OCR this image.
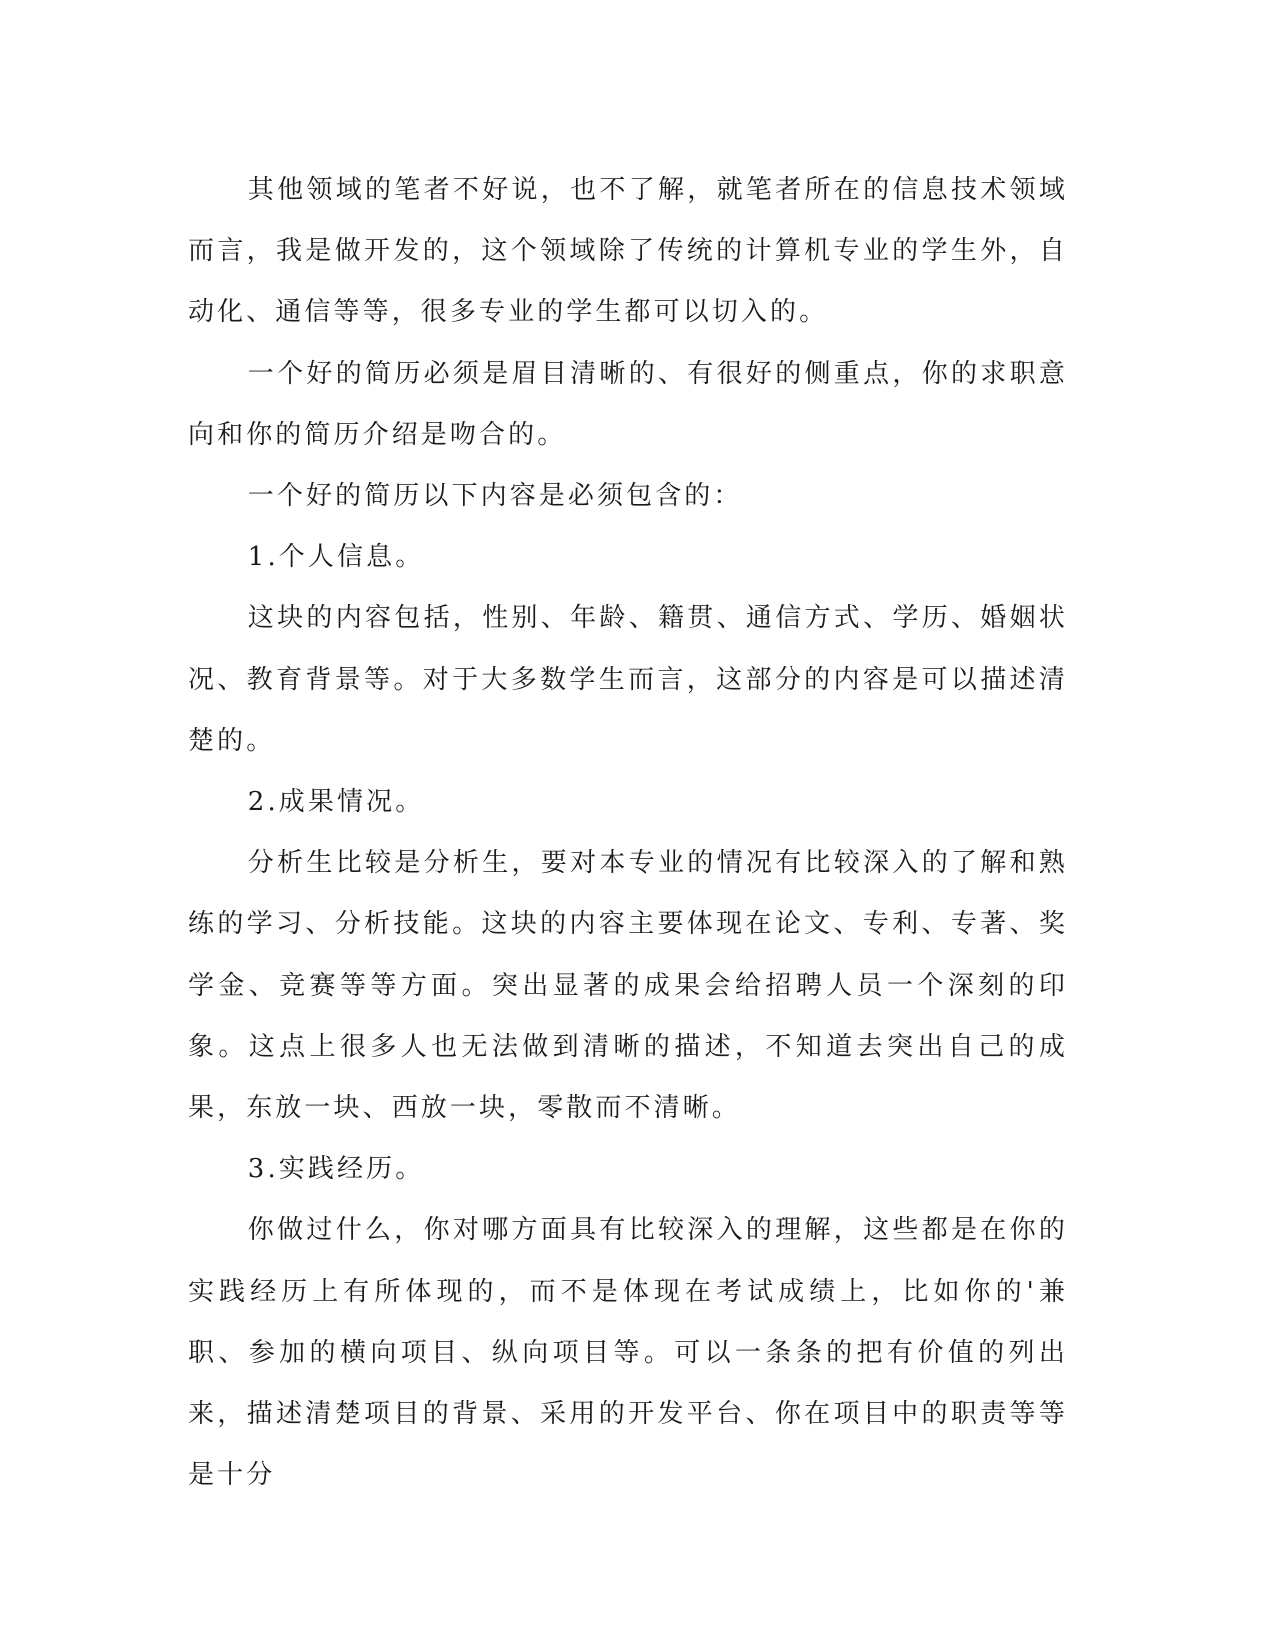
其他领域的笔者不好说，也不了解，就笔者所在的信息技术领域而言，我是做开发的，这个领域除了传统的计算机专业的学生外，自动化、通信等等，很多专业的学生都可以切入的。

一个好的简历必须是眉目清晰的、有很好的侧重点，你的求职意向和你的简历介绍是吻合的。

一个好的简历以下内容是必须包含的：

1.个人信息。

这块的内容包括，性别、年龄、籍贯、通信方式、学历、婚姻状况、教育背景等。对于大多数学生而言，这部分的内容是可以描述清楚的。

2.成果情况。

分析生比较是分析生，要对本专业的情况有比较深入的了解和熟练的学习、分析技能。这块的内容主要体现在论文、专利、专著、奖学金、竞赛等等方面。突出显著的成果会给招聘人员一个深刻的印象。这点上很多人也无法做到清晰的描述，不知道去突出自己的成果，东放一块、西放一块，零散而不清晰。

3.实践经历。

你做过什么，你对哪方面具有比较深入的理解，这些都是在你的实践经历上有所体现的，而不是体现在考试成绩上，比如你的'兼职、参加的横向项目、纵向项目等。可以一条条的把有价值的列出来，描述清楚项目的背景、采用的开发平台、你在项目中的职责等等是十分
